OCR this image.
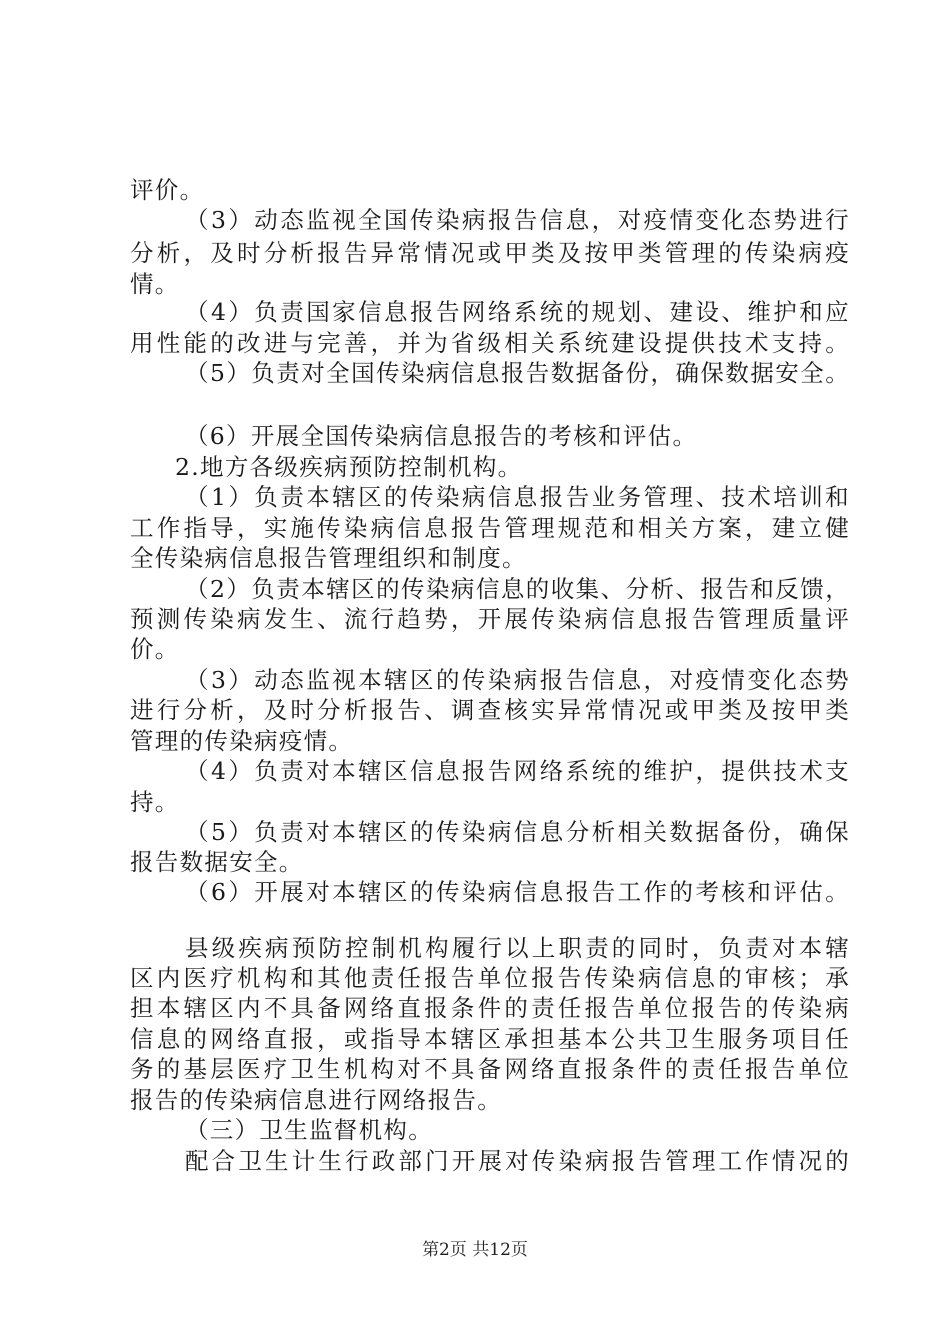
评价。
（3）动态监视全国传染病报告信息，对疫情变化态势进行
分析，及时分析报告异常情况或甲类及按甲类管理的传染病疫
情。
（4）负责国家信息报告网络系统的规划、建设、维护和应
用性能的改进与完善，并为省级相关系统建设提供技术支持。
（5）负责对全国传染病信息报告数据备份，确保数据安全。
（6）开展全国传染病信息报告的考核和评估。
2.地方各级疾病预防控制机构。
（1）负责本辖区的传染病信息报告业务管理、技术培训和
工作指导，实施传染病信息报告管理规范和相关方案，建立健
全传染病信息报告管理组织和制度。
（2）负责本辖区的传染病信息的收集、分析、报告和反馈，
预测传染病发生、流行趋势，开展传染病信息报告管理质量评
价。
（3）动态监视本辖区的传染病报告信息，对疫情变化态势
进行分析，及时分析报告、调查核实异常情况或甲类及按甲类
管理的传染病疫情。
（4）负责对本辖区信息报告网络系统的维护，提供技术支
持。
（5）负责对本辖区的传染病信息分析相关数据备份，确保
报告数据安全。
（6）开展对本辖区的传染病信息报告工作的考核和评估。
县级疾病预防控制机构履行以上职责的同时，负责对本辖
区内医疗机构和其他责任报告单位报告传染病信息的审核；承
担本辖区内不具备网络直报条件的责任报告单位报告的传染病
信息的网络直报，或指导本辖区承担基本公共卫生服务项目任
务的基层医疗卫生机构对不具备网络直报条件的责任报告单位
报告的传染病信息进行网络报告。
（三）卫生监督机构。
配合卫生计生行政部门开展对传染病报告管理工作情况的
第2页 共12页
